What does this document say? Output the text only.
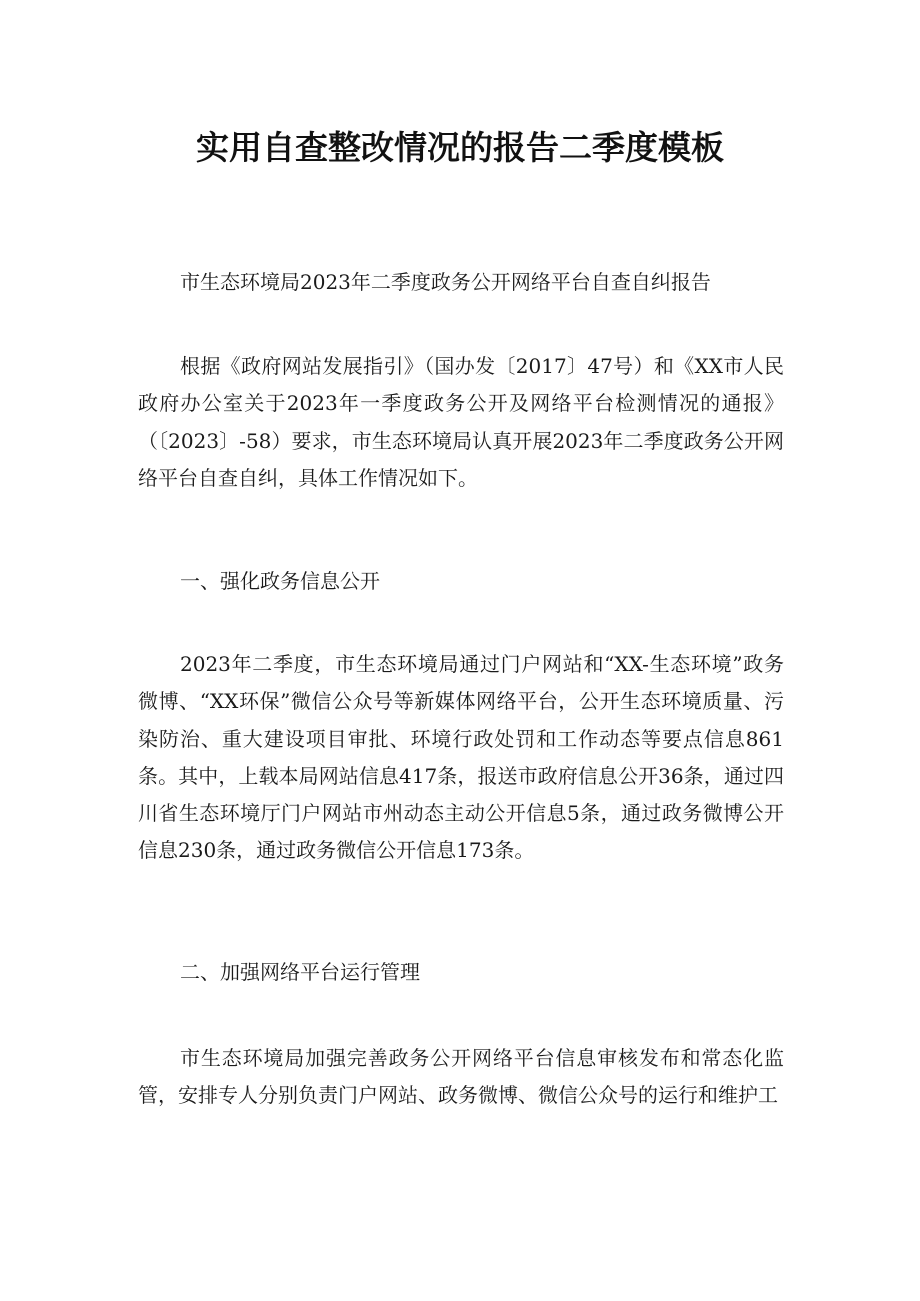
实用自查整改情况的报告二季度模板

市生态环境局2023年二季度政务公开网络平台自查自纠报告

根据《政府网站发展指引》（国办发〔2017〕47号）和《XX市人民政府办公室关于2023年一季度政务公开及网络平台检测情况的通报》（〔2023〕-58）要求，市生态环境局认真开展2023年二季度政务公开网络平台自查自纠，具体工作情况如下。

一、强化政务信息公开

2023年二季度，市生态环境局通过门户网站和“XX-生态环境”政务微博、“XX环保”微信公众号等新媒体网络平台，公开生态环境质量、污染防治、重大建设项目审批、环境行政处罚和工作动态等要点信息861条。其中，上载本局网站信息417条，报送市政府信息公开36条，通过四川省生态环境厅门户网站市州动态主动公开信息5条，通过政务微博公开信息230条，通过政务微信公开信息173条。

二、加强网络平台运行管理

市生态环境局加强完善政务公开网络平台信息审核发布和常态化监管，安排专人分别负责门户网站、政务微博、微信公众号的运行和维护工
